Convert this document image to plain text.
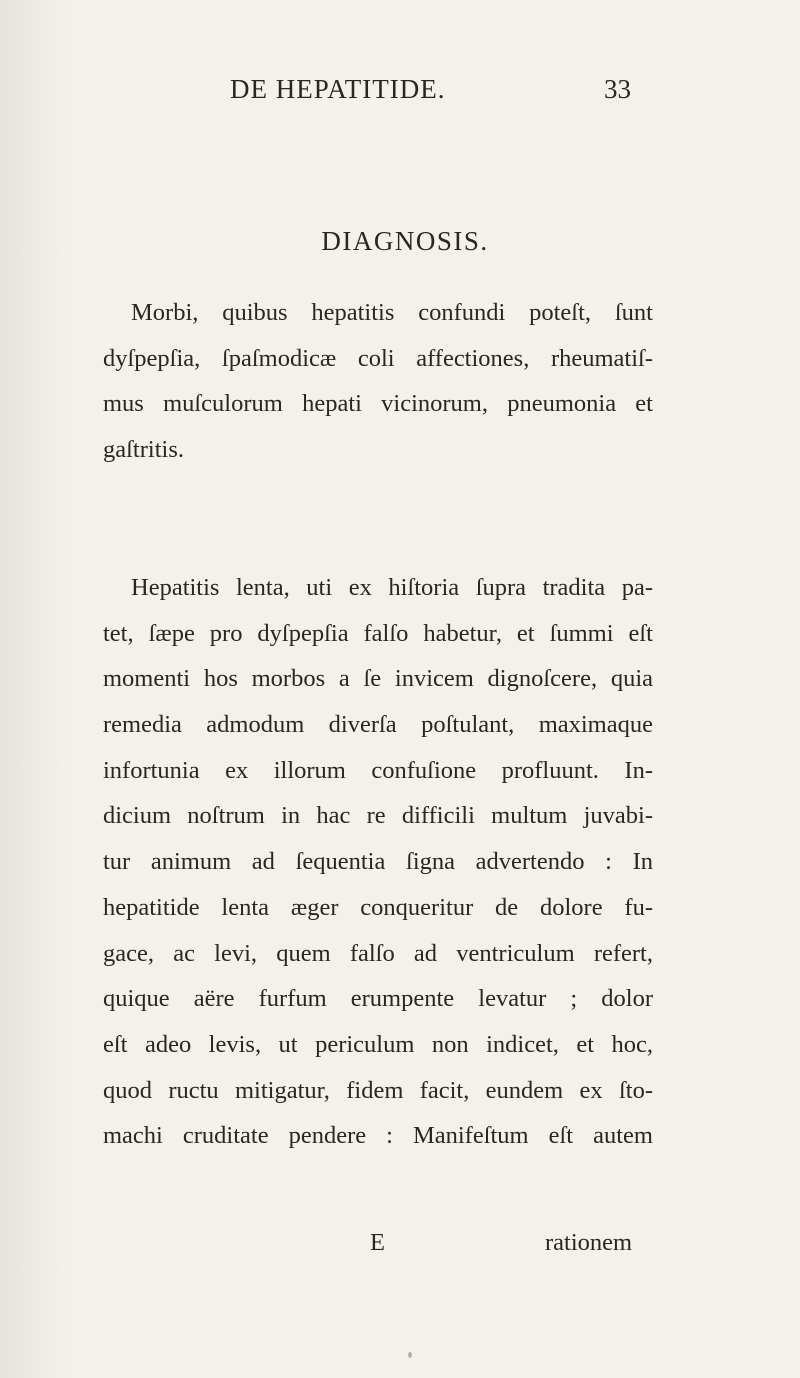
DE HEPATITIDE.	33
DIAGNOSIS.
Morbi, quibus hepatitis confundi poteſt, ſunt
dyſpepſia, ſpaſmodicæ coli affectiones, rheumatiſ-
mus muſculorum hepati vicinorum, pneumonia et
gaſtritis.
Hepatitis lenta, uti ex hiſtoria ſupra tradita pa-
tet, ſæpe pro dyſpepſia falſo habetur, et ſummi eſt
momenti hos morbos a ſe invicem dignoſcere, quia
remedia admodum diverſa poſtulant, maximaque
infortunia ex illorum confuſione profluunt. In-
dicium noſtrum in hac re difficili multum juvabi-
tur animum ad ſequentia ſigna advertendo : In
hepatitide lenta æger conqueritur de dolore fu-
gace, ac levi, quem falſo ad ventriculum refert,
quique aëre furfum erumpente levatur ; dolor
eſt adeo levis, ut periculum non indicet, et hoc,
quod ructu mitigatur, fidem facit, eundem ex ſto-
machi cruditate pendere : Manifeſtum eſt autem
E	rationem
